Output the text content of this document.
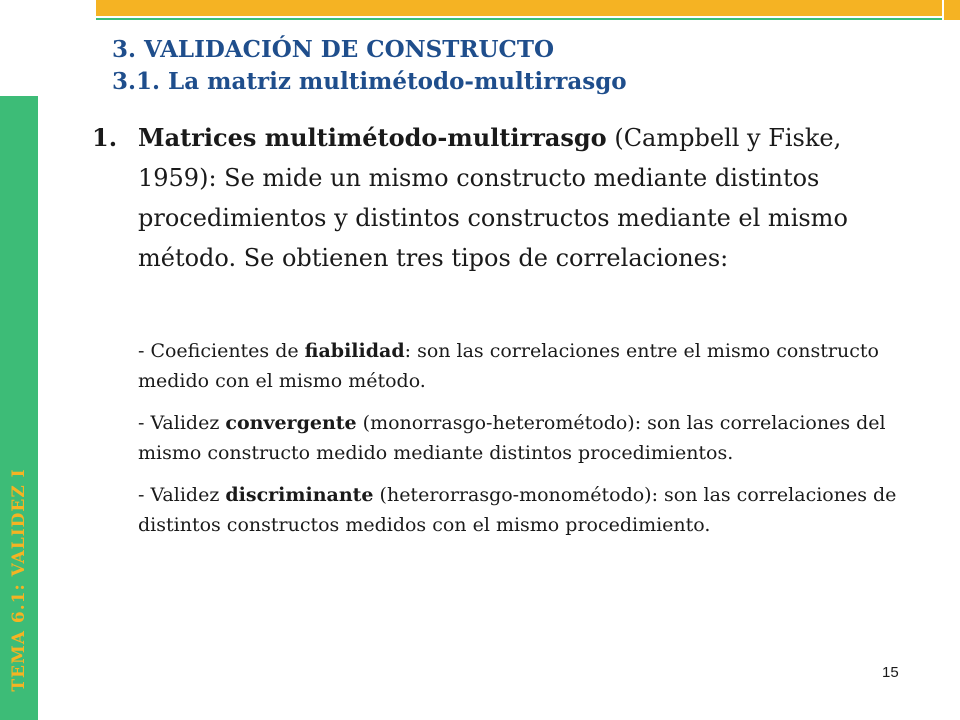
TEMA 6.1: VALIDEZ I
3. VALIDACIÓN DE CONSTRUCTO
3.1. La matriz multimétodo-multirrasgo
1. Matrices multimétodo-multirrasgo (Campbell y Fiske, 1959): Se mide un mismo constructo mediante distintos procedimientos y distintos constructos mediante el mismo método. Se obtienen tres tipos de correlaciones:
- Coeficientes de fiabilidad: son las correlaciones entre el mismo constructo medido con el mismo método.
- Validez convergente (monorrasgo-heterométodo): son las correlaciones del mismo constructo medido mediante distintos procedimientos.
- Validez discriminante (heterorrasgo-monométodo): son las correlaciones de distintos constructos medidos con el mismo procedimiento.
15
